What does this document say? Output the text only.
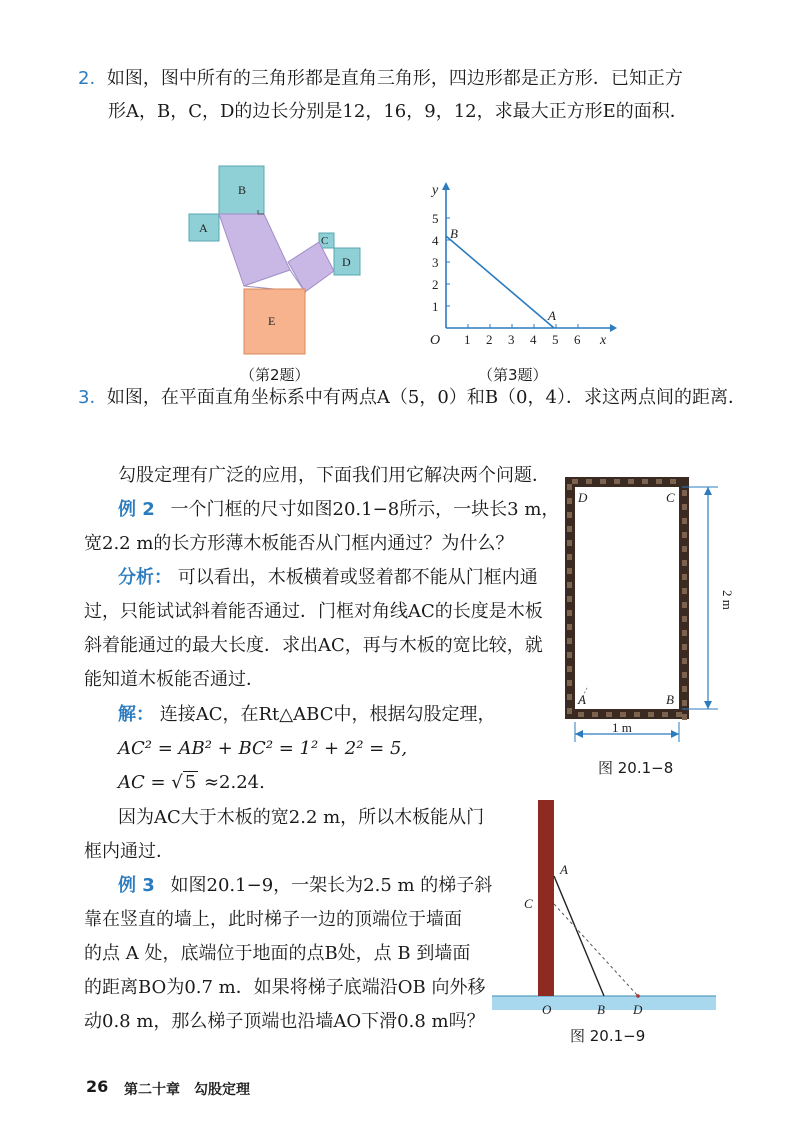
2. 如图，图中所有的三角形都是直角三角形，四边形都是正方形．已知正方
形A，B，C，D的边长分别是12，16，9，12，求最大正方形E的面积．
B
A
C
D
E
（第2题）
1 2 3 4 5 6
1
2
3
4
5
x
y
O
B
A
（第3题）
3. 如图，在平面直角坐标系中有两点A（5，0）和B（0，4）．求这两点间的距离．
勾股定理有广泛的应用，下面我们用它解决两个问题．
例 2 一个门框的尺寸如图20.1−8所示，一块长3 m，
宽2.2 m的长方形薄木板能否从门框内通过？为什么？
分析： 可以看出，木板横着或竖着都不能从门框内通
过，只能试试斜着能否通过．门框对角线AC的长度是木板
斜着能通过的最大长度．求出AC，再与木板的宽比较，就
能知道木板能否通过．
解： 连接AC，在Rt△ABC中，根据勾股定理，
AC² = AB² + BC² = 1² + 2² = 5,
AC = √ 5 ≈2.24.
因为AC大于木板的宽2.2 m，所以木板能从门
框内通过．
D	C
A	B
2 m
1 m
图 20.1−8
例 3 如图20.1−9，一架长为2.5 m 的梯子斜
靠在竖直的墙上，此时梯子一边的顶端位于墙面
的点 A 处，底端位于地面的点B处，点 B 到墙面
的距离BO为0.7 m．如果将梯子底端沿OB 向外移
动0.8 m，那么梯子顶端也沿墙AO下滑0.8 m吗？
A
C
O	B D
图 20.1−9
26 第二十章　勾股定理
